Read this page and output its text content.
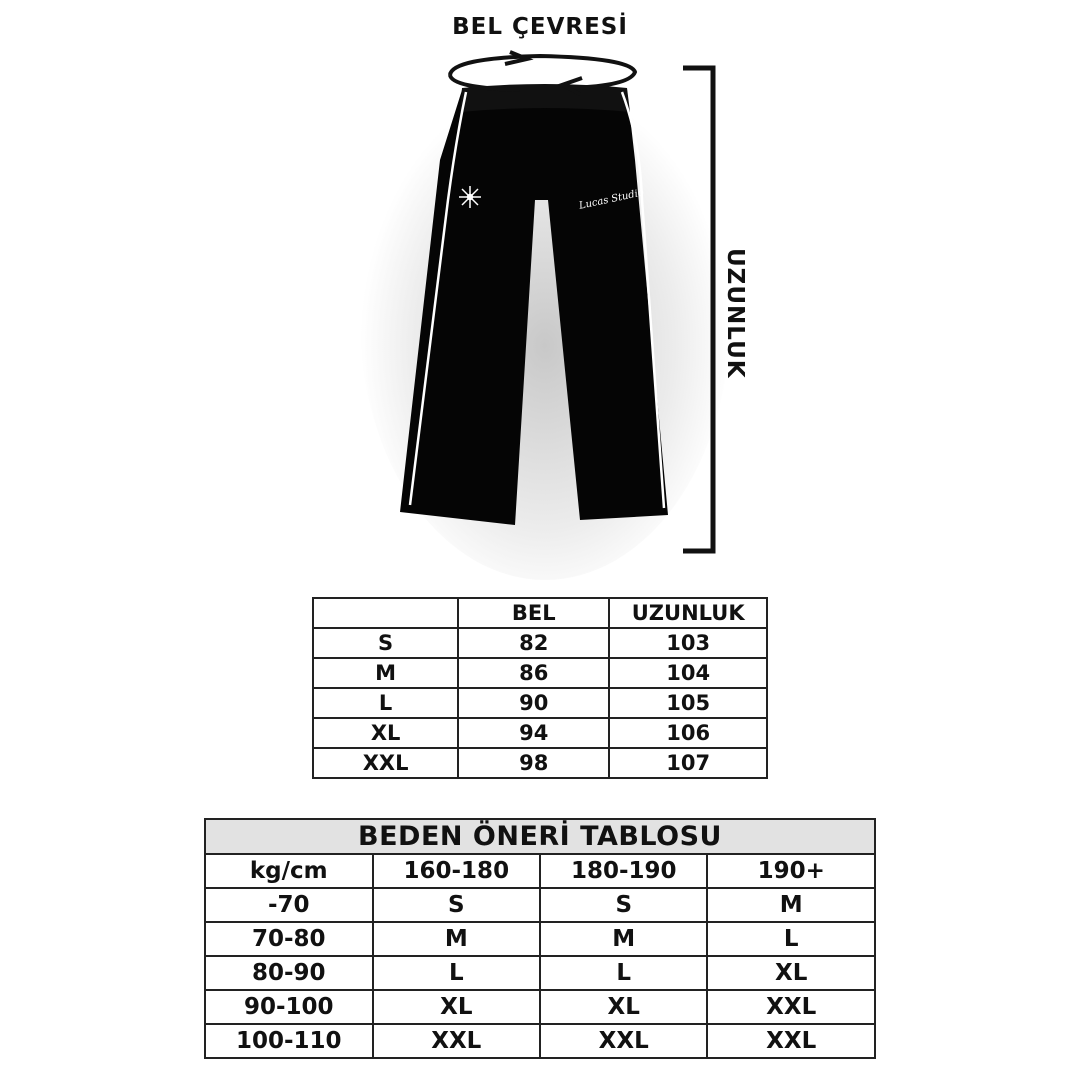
Lucas Studio
BEL ÇEVRESİ
UZUNLUK
	BEL	UZUNLUK
S	82	103
M	86	104
L	90	105
XL	94	106
XXL	98	107
BEDEN ÖNERİ TABLOSU			
kg/cm	160-180	180-190	190+
-70	S	S	M
70-80	M	M	L
80-90	L	L	XL
90-100	XL	XL	XXL
100-110	XXL	XXL	XXL
